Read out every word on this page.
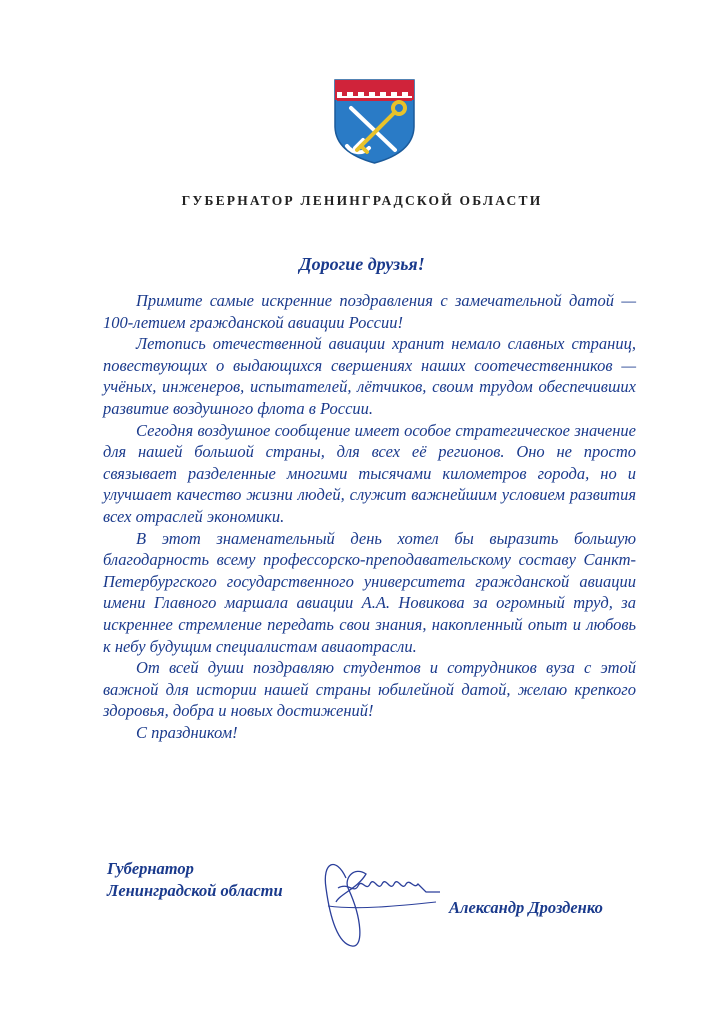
ГУБЕРНАТОР ЛЕНИНГРАДСКОЙ ОБЛАСТИ
Дорогие друзья!

Примите самые искренние поздравления с замечательной датой — 100-летием гражданской авиации России!

Летопись отечественной авиации хранит немало славных страниц, повествующих о выдающихся свершениях наших соотечественников — учёных, инженеров, испытателей, лётчиков, своим трудом обеспечивших развитие воздушного флота в России.

Сегодня воздушное сообщение имеет особое стратегическое значение для нашей большой страны, для всех её регионов. Оно не просто связывает разделенные многими тысячами километров города, но и улучшает качество жизни людей, служит важнейшим условием развития всех отраслей экономики.

В этот знаменательный день хотел бы выразить большую благодарность всему профессорско-преподавательскому составу Санкт-Петербургского государственного университета гражданской авиации имени Главного маршала авиации А.А. Новикова за огромный труд, за искреннее стремление передать свои знания, накопленный опыт и любовь к небу будущим специалистам авиаотрасли.

От всей души поздравляю студентов и сотрудников вуза с этой важной для истории нашей страны юбилейной датой, желаю крепкого здоровья, добра и новых достижений!

С праздником!

Губернатор
Ленинградской области
Александр Дрозденко
